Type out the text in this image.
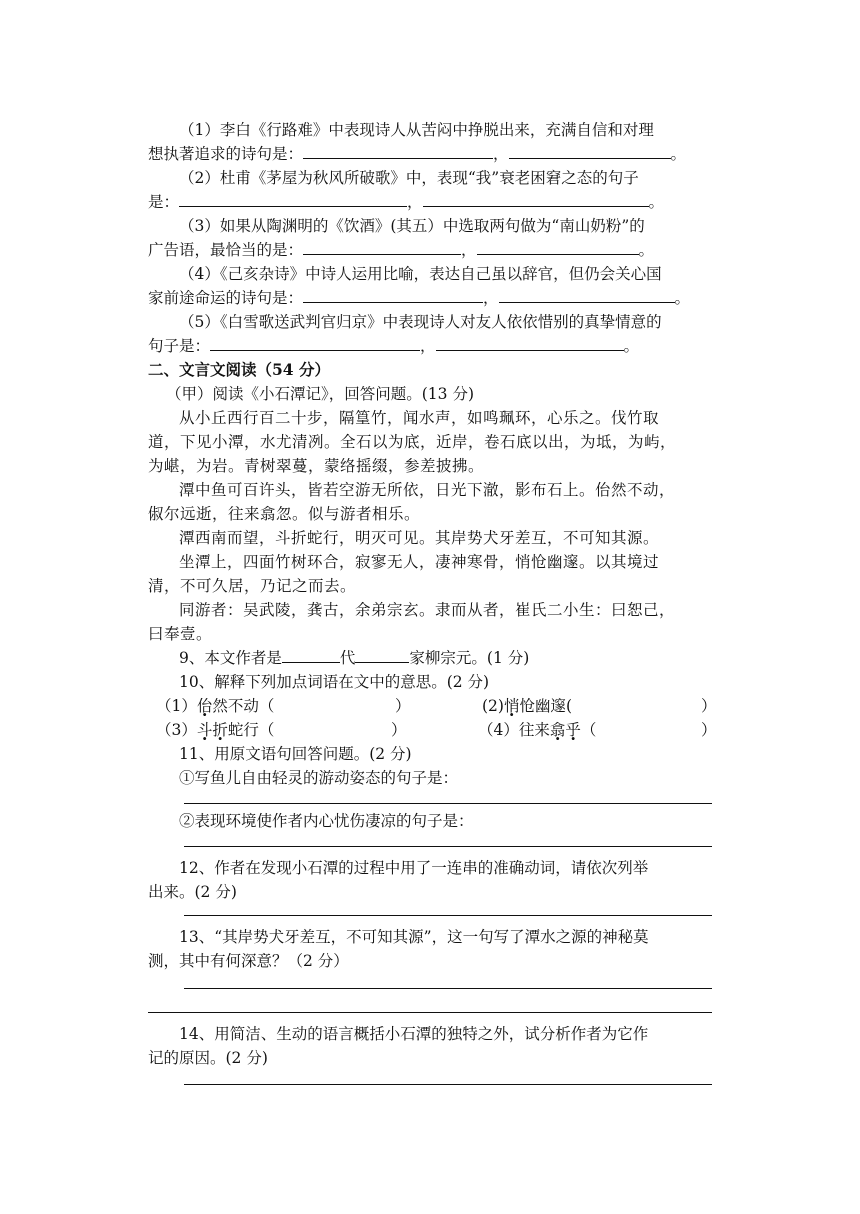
（1）李白《行路难》中表现诗人从苦闷中挣脱出来，充满自信和对理
想执著追求的诗句是：	，	。
（2）杜甫《茅屋为秋风所破歌》中，表现“我”衰老困窘之态的句子
是：	，	。
（3）如果从陶渊明的《饮酒》(其五）中选取两句做为“南山奶粉”的
广告语，最恰当的是：	，	。
（4）《己亥杂诗》中诗人运用比喻，表达自己虽以辞官，但仍会关心国
家前途命运的诗句是：	，	。
（5）《白雪歌送武判官归京》中表现诗人对友人依依惜别的真挚情意的
句子是：	，	。
二、文言文阅读（54 分）
（甲）阅读《小石潭记》，回答问题。(13 分)
从小丘西行百二十步，隔篁竹，闻水声，如鸣珮环，心乐之。伐竹取
道，下见小潭，水尤清冽。全石以为底，近岸，卷石底以出，为坻，为屿，
为嵁，为岩。青树翠蔓，蒙络摇缀，参差披拂。
潭中鱼可百许头，皆若空游无所依，日光下澈，影布石上。佁然不动，
俶尔远逝，往来翕忽。似与游者相乐。
潭西南而望，斗折蛇行，明灭可见。其岸势犬牙差互，不可知其源。
坐潭上，四面竹树环合，寂寥无人，凄神寒骨，悄怆幽邃。以其境过
清，不可久居，乃记之而去。
同游者：吴武陵，龚古，余弟宗玄。隶而从者，崔氏二小生：曰恕己，
曰奉壹。
9、本文作者是	代	家柳宗元。(1 分)
10、解释下列加点词语在文中的意思。(2 分)
（1）佁然不动（	）	(2)悄怆幽邃(	）
（3）斗折蛇行（	）	（4）往来翕乎（	）
11、用原文语句回答问题。(2 分)
①写鱼儿自由轻灵的游动姿态的句子是：
②表现环境使作者内心忧伤凄凉的句子是：
12、作者在发现小石潭的过程中用了一连串的准确动词，请依次列举
出来。(2 分)
13、“其岸势犬牙差互，不可知其源”，这一句写了潭水之源的神秘莫
测，其中有何深意？（2 分）
14、用简洁、生动的语言概括小石潭的独特之外，试分析作者为它作
记的原因。(2 分)
